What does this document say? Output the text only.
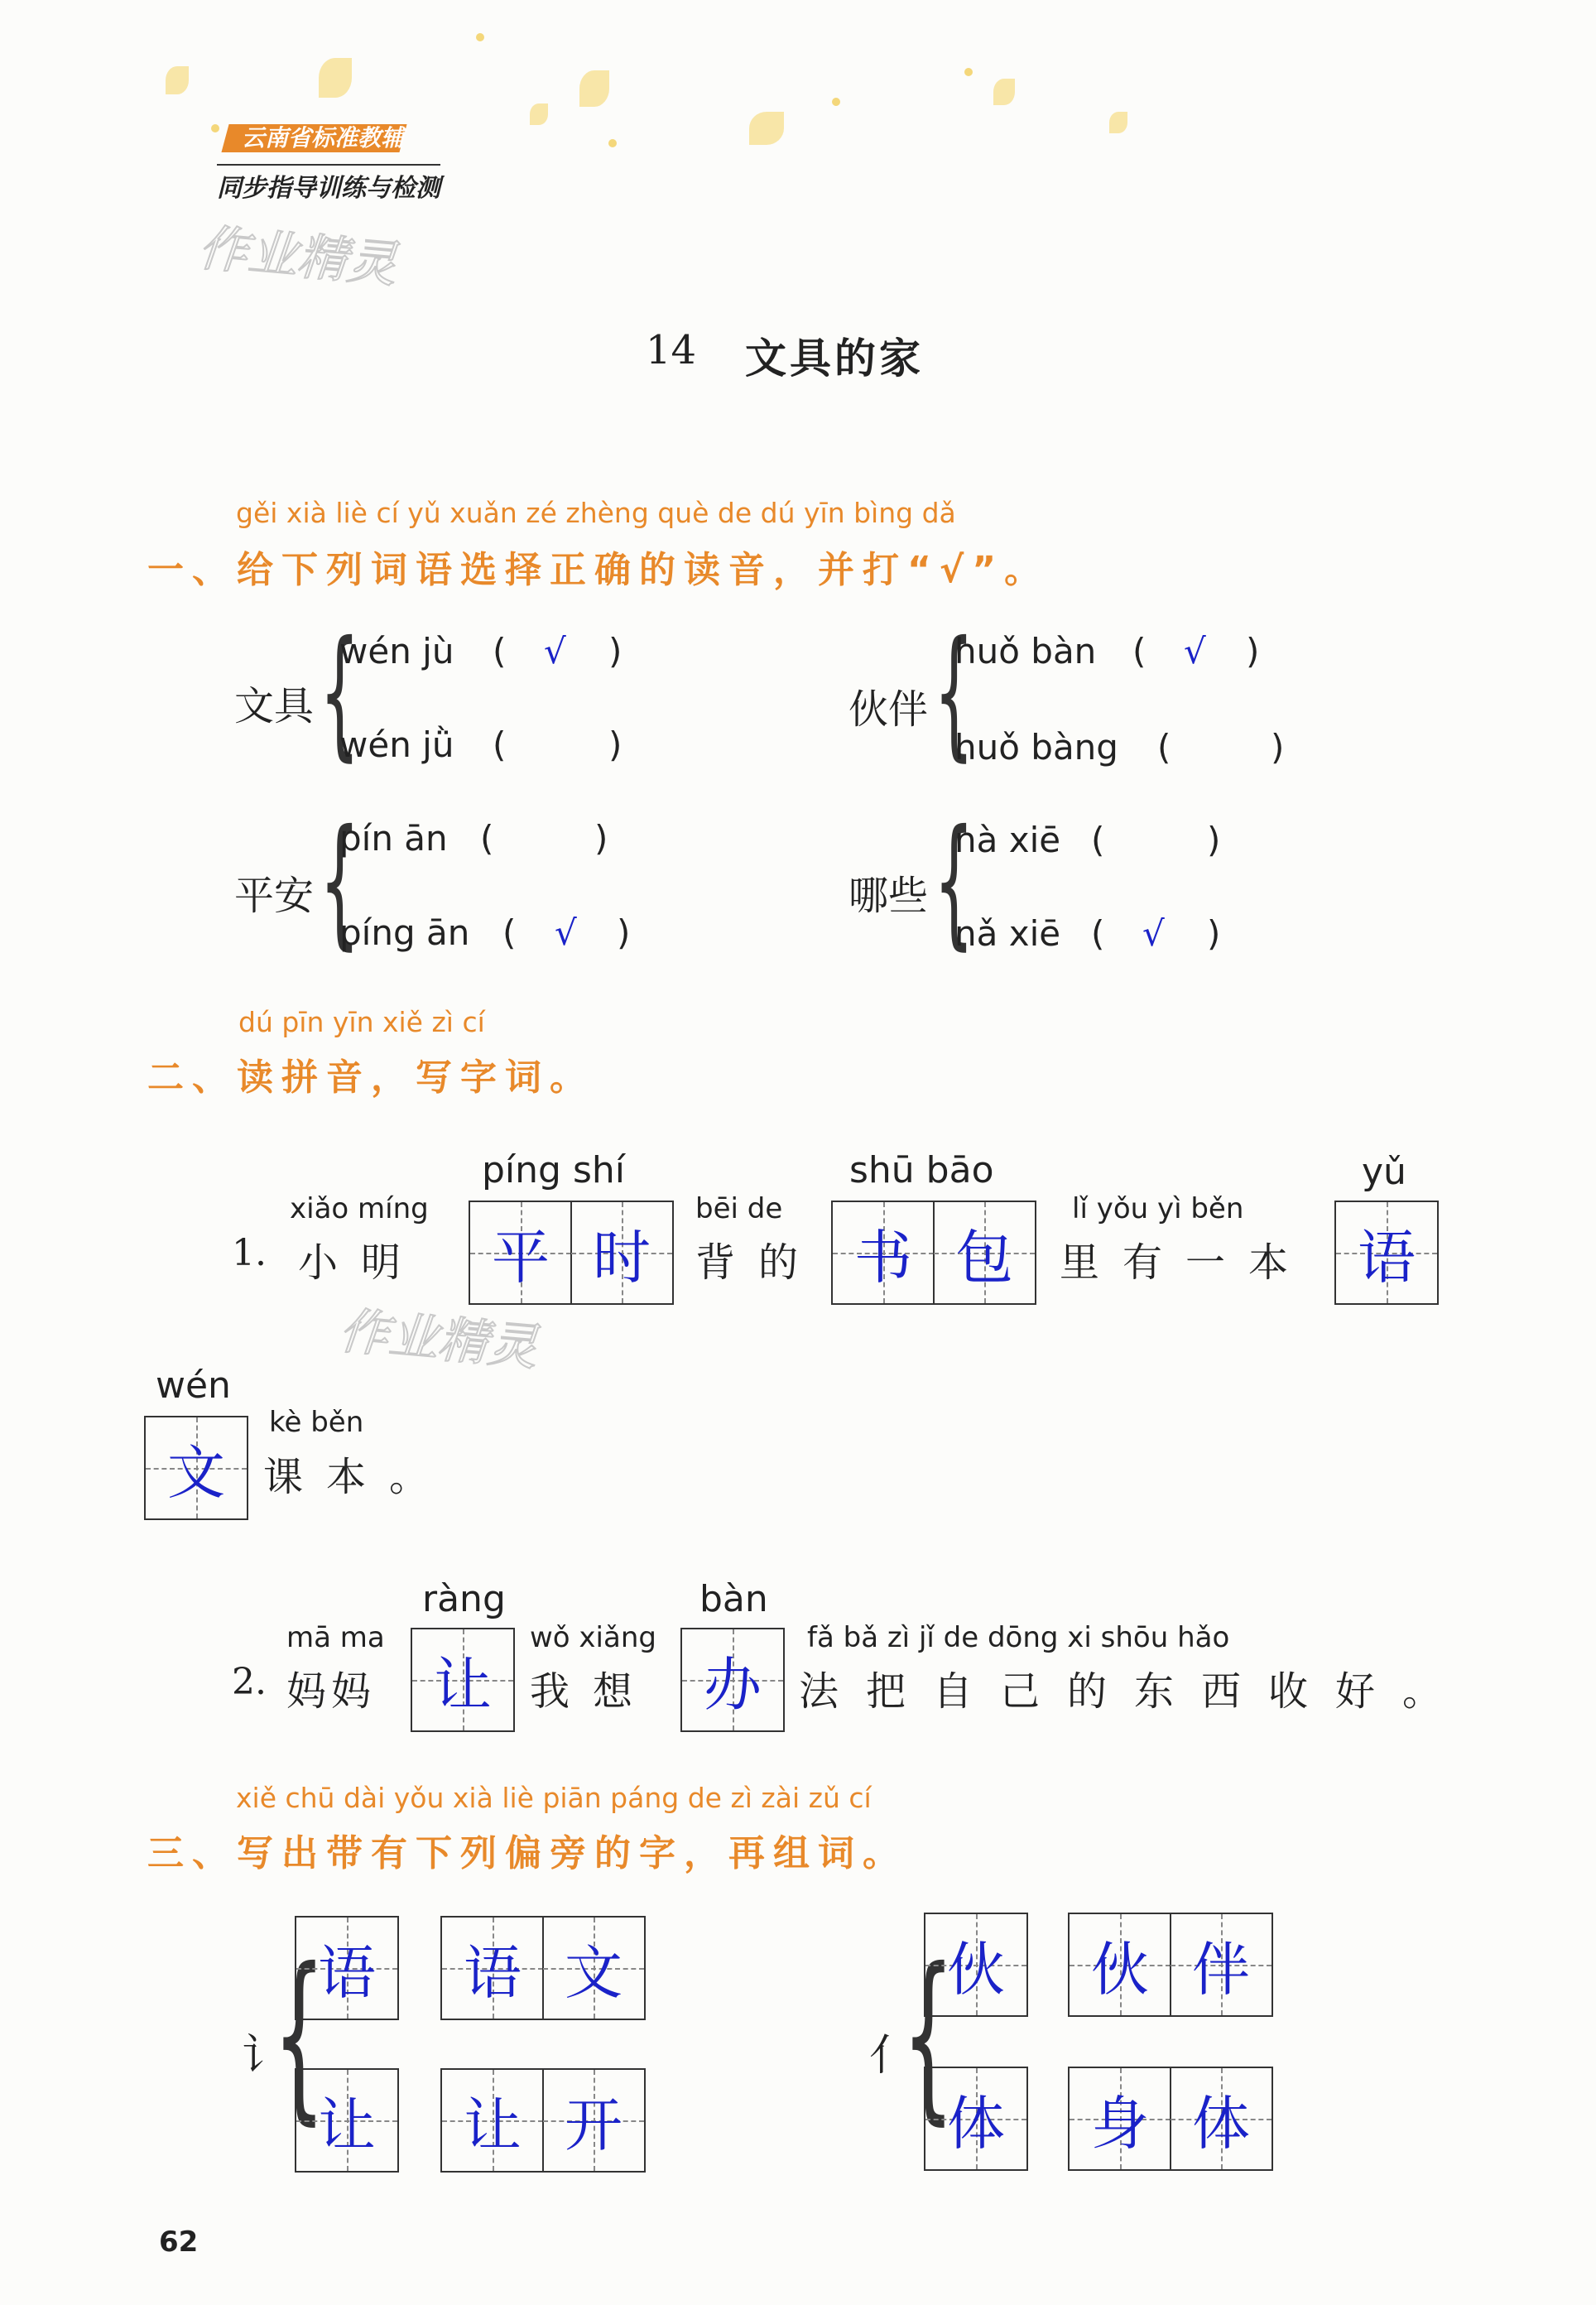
云南省标准教辅
同步指导训练与检测
作业精灵
14 文具的家
gěi xià liè cí yǔ xuǎn zé zhèng què de dú yīn bìng dǎ
一、给下列词语选择正确的读音，并打“√”。
文具 {
wén jù ( √ )
wén jǜ (	)
伙伴 {
huǒ bàn ( √ )
huǒ bàng (	)
平安 {
pín ān (	)
píng ān ( √ )
哪些 {
nà xiē (	)
nǎ xiē ( √ )
dú pīn yīn xiě zì cí
二、读拼音，写字词。
1.
xiǎo míng
小明
píng shí
平 时
bēi de
背的
shū bāo
书 包
lǐ yǒu yì běn
里有一本
yǔ
语
作业精灵
wén
文
kè běn
课本。
2.
mā ma
妈妈
ràng
让
wǒ xiǎng
我想
bàn
办
fǎ bǎ zì jǐ de dōng xi shōu hǎo
法把自己的东西收好。
xiě chū dài yǒu xià liè piān páng de zì zài zǔ cí
三、写出带有下列偏旁的字，再组词。
讠
{
语	语 文
让	让 开
亻
{
伙	伙 伴
体	身 体
62
